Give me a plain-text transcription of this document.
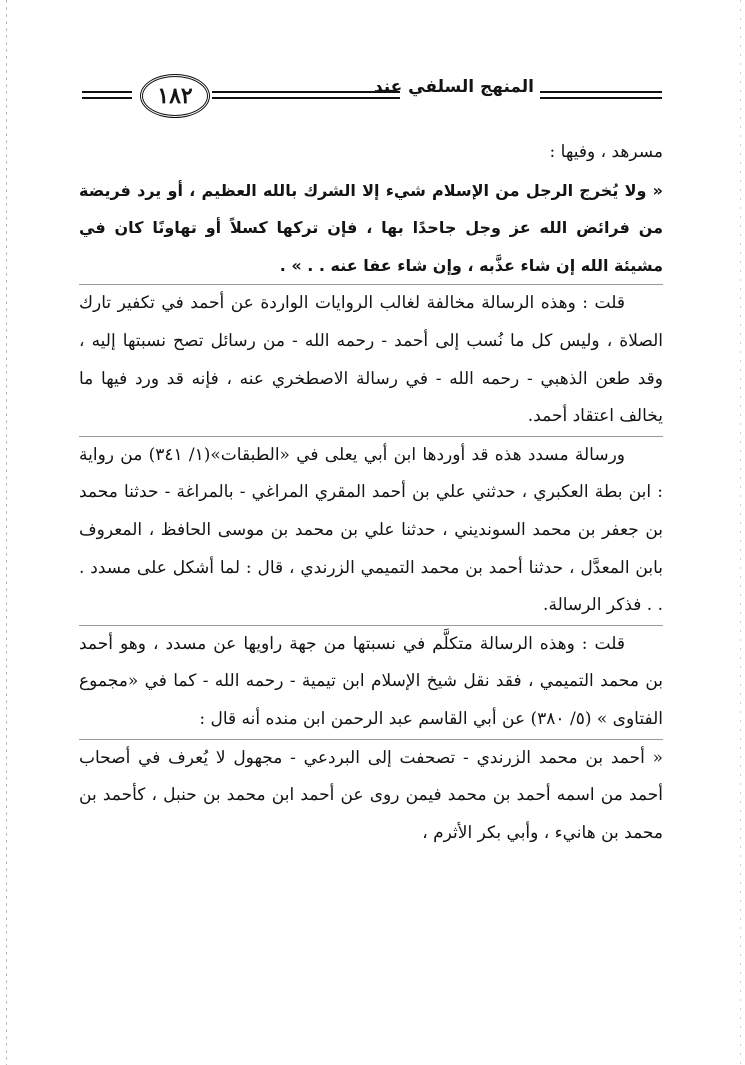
١٨٢	المنهج السلفي عند

مسرهد ، وفيها :

« ولا يُخرج الرجل من الإسلام شيء إلا الشرك بالله العظيم ، أو يرد فريضة من فرائض الله عز وجل جاحدًا بها ، فإن تركها كسلاً أو تهاونًا كان في مشيئة الله إن شاء عذَّبه ، وإن شاء عفا عنه . . » .

قلت : وهذه الرسالة مخالفة لغالب الروايات الواردة عن أحمد في تكفير تارك الصلاة ، وليس كل ما نُسب إلى أحمد - رحمه الله - من رسائل تصح نسبتها إليه ، وقد طعن الذهبي - رحمه الله - في رسالة الاصطخري عنه ، فإنه قد ورد فيها ما يخالف اعتقاد أحمد.

ورسالة مسدد هذه قد أوردها ابن أبي يعلى في «الطبقات»(١/ ٣٤١) من رواية : ابن بطة العكبري ، حدثني علي بن أحمد المقري المراغي - بالمراغة - حدثنا محمد بن جعفر بن محمد السونديني ، حدثنا علي بن محمد بن موسى الحافظ ، المعروف بابن المعدَّل ، حدثنا أحمد بن محمد التميمي الزرندي ، قال : لما أشكل على مسدد . . . فذكر الرسالة.

قلت : وهذه الرسالة متكلَّم في نسبتها من جهة راويها عن مسدد ، وهو أحمد بن محمد التميمي ، فقد نقل شيخ الإسلام ابن تيمية - رحمه الله - كما في «مجموع الفتاوى » (٥/ ٣٨٠) عن أبي القاسم عبد الرحمن ابن منده أنه قال :

« أحمد بن محمد الزرندي - تصحفت إلى البردعي - مجهول لا يُعرف في أصحاب أحمد من اسمه أحمد بن محمد فيمن روى عن أحمد ابن محمد بن حنبل ، كأحمد بن محمد بن هانيء ، وأبي بكر الأثرم ،
